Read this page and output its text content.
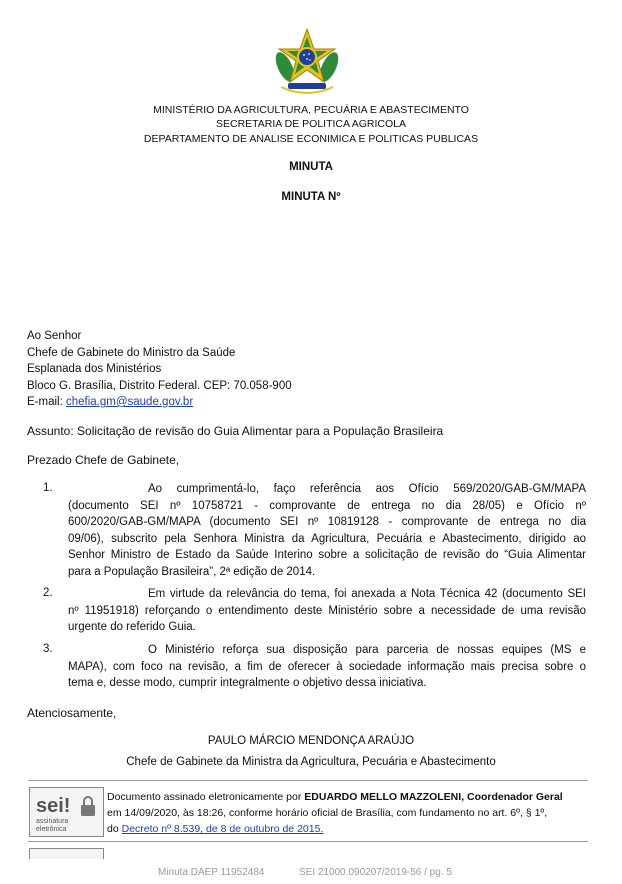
MINISTÉRIO DA AGRICULTURA, PECUÁRIA E ABASTECIMENTO
SECRETARIA DE POLITICA AGRICOLA
DEPARTAMENTO DE ANALISE ECONIMICA E POLITICAS PUBLICAS
MINUTA
MINUTA Nº
Ao Senhor
Chefe de Gabinete do Ministro da Saúde
Esplanada dos Ministérios
Bloco G. Brasília, Distrito Federal. CEP: 70.058-900
E-mail: chefia.gm@saude.gov.br
Assunto: Solicitação de revisão do Guia Alimentar para a População Brasileira
Prezado Chefe de Gabinete,
1.	Ao cumprimentá-lo, faço referência aos Ofício 569/2020/GAB-GM/MAPA
(documento SEI nº 10758721 - comprovante de entrega no dia 28/05) e Ofício nº
600/2020/GAB-GM/MAPA (documento SEI nº 10819128 - comprovante de entrega no dia
09/06), subscrito pela Senhora Ministra da Agricultura, Pecuária e Abastecimento, dirigido ao
Senhor Ministro de Estado da Saúde Interino sobre a solicitação de revisão do “Guia Alimentar
para a População Brasileira”, 2ª edição de 2014.
2.	Em virtude da relevância do tema, foi anexada a Nota Técnica 42 (documento SEI
nº 11951918) reforçando o entendimento deste Ministério sobre a necessidade de uma revisão
urgente do referido Guia.
3.	O Ministério reforça sua disposição para parceria de nossas equipes (MS e
MAPA), com foco na revisão, a fim de oferecer à sociedade informação mais precisa sobre o
tema e, desse modo, cumprir integralmente o objetivo dessa iniciativa.
Atenciosamente,
PAULO MÁRCIO MENDONÇA ARAÚJO
Chefe de Gabinete da Ministra da Agricultura, Pecuária e Abastecimento
sei!
assinatura
eletrônica
Documento assinado eletronicamente por EDUARDO MELLO MAZZOLENI, Coordenador Geral
em 14/09/2020, às 18:26, conforme horário oficial de Brasília, com fundamento no art. 6º, § 1º,
do Decreto nº 8.539, de 8 de outubro de 2015.
Minuta DAEP 11952484	SEI 21000.090207/2019-56 / pg. 5
